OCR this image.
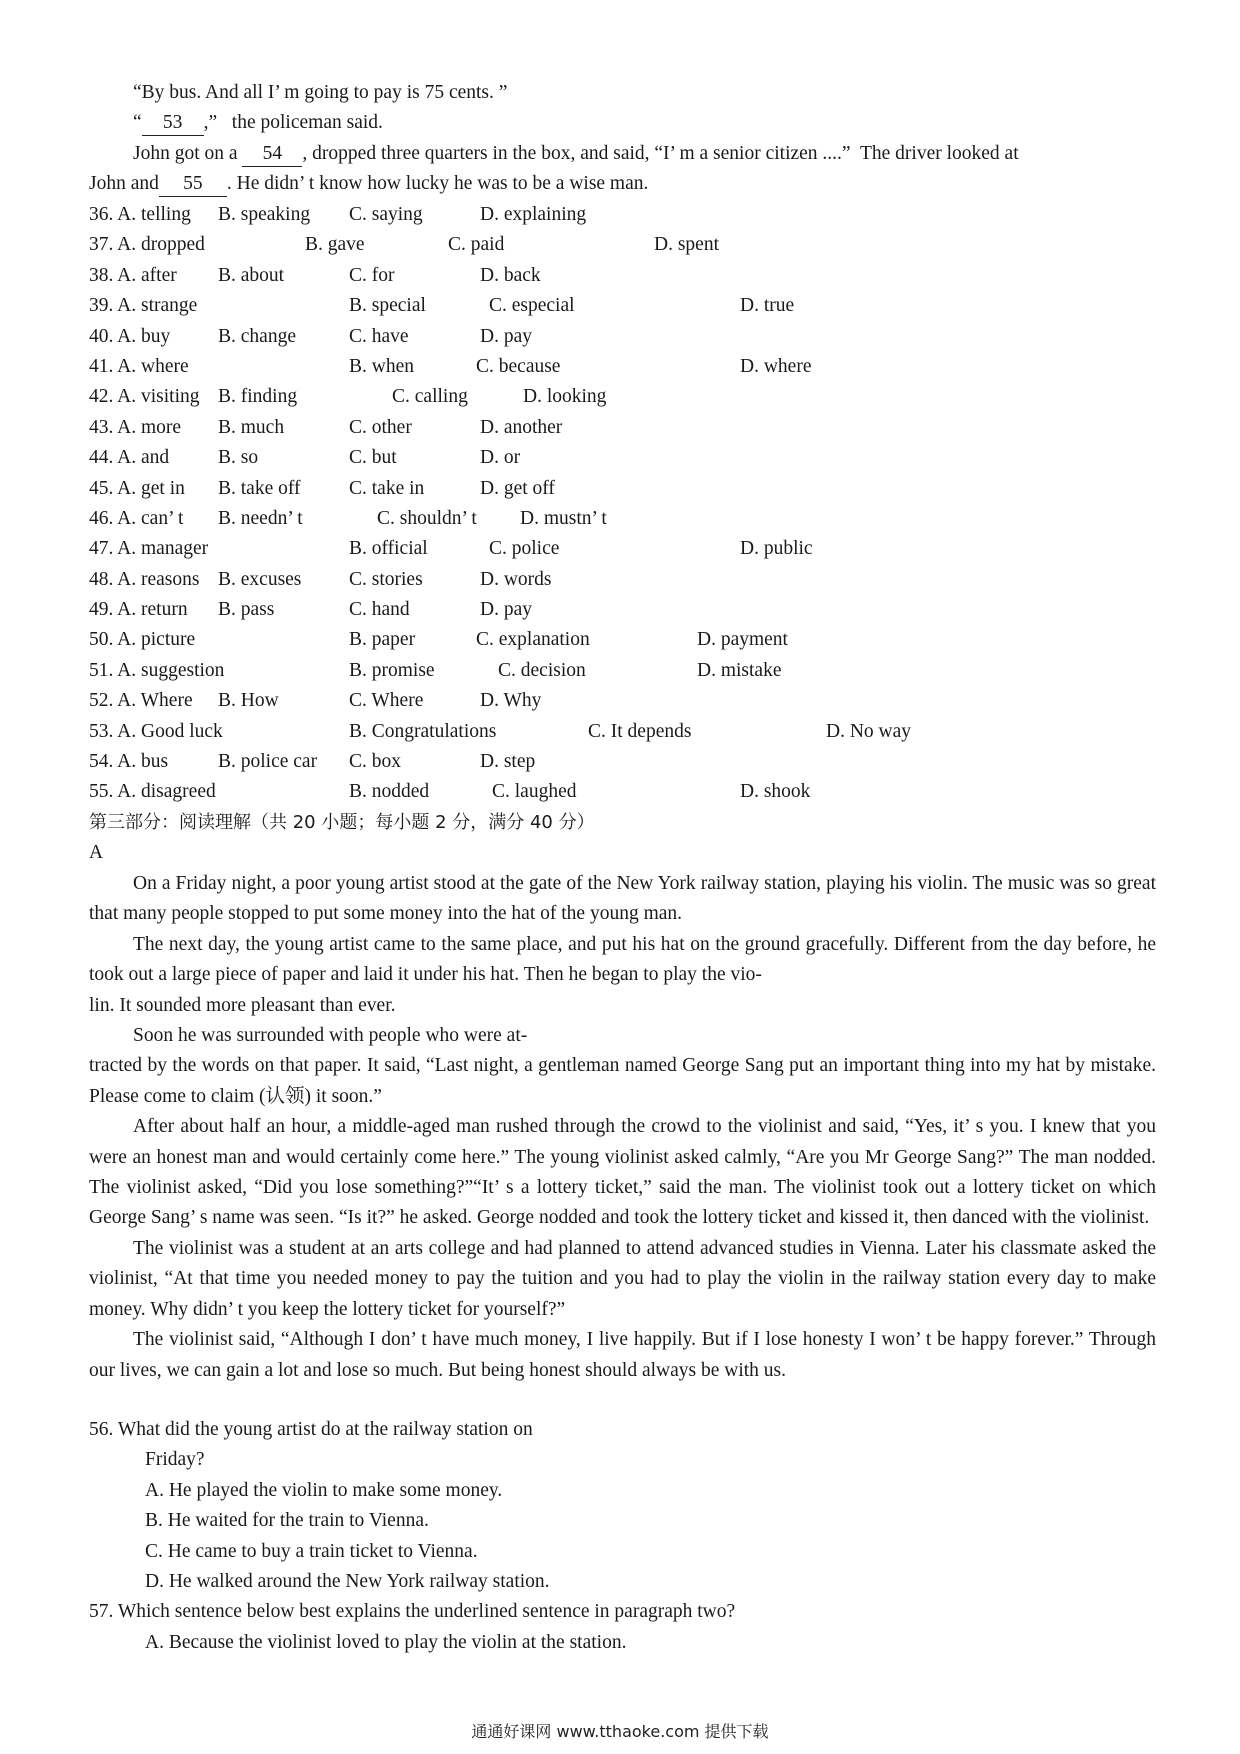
“By bus. And all I’ m going to pay is 75 cents. ”
“ 53 ,”   the policeman said.
John got on a 54 , dropped three quarters in the box, and said, “I’ m a senior citizen ....”  The driver looked at
John and 55 . He didn’ t know how lucky he was to be a wise man.
36. A. telling B. speaking C. saying	D. explaining
37. A. dropped	B. gave	C. paid	D. spent
38. A. after B. about	C. for	D. back
39. A. strange	B. special	C. especial	D. true
40. A. buy B. change	C. have	D. pay
41. A. where	B. when	C. because	D. where
42. A. visiting B. finding	C. calling	D. looking
43. A. more B. much	C. other	D. another
44. A. and	B. so	C. but	D. or
45. A. get in B. take off C. take in	D. get off
46. A. can’ t B. needn’ t	C. shouldn’ t D. mustn’ t
47. A. manager	B. official	C. police	D. public
48. A. reasons B. excuses C. stories	D. words
49. A. return B. pass	C. hand	D. pay
50. A. picture	B. paper	C. explanation	D. payment
51. A. suggestion	B. promise	C. decision	D. mistake
52. A. Where B. How	C. Where	D. Why
53. A. Good luck	B. Congratulations	C. It depends	D. No way
54. A. bus	B. police car C. box	D. step
55. A. disagreed	B. nodded	C. laughed	D. shook
第三部分：阅读理解（共 20 小题；每小题 2 分，满分 40 分）
A

On a Friday night, a poor young artist stood at the gate of the New York railway station, playing his violin. The music was so great that many people stopped to put some money into the hat of the young man.

The next day, the young artist came to the same place, and put his hat on the ground gracefully. Different from the day before, he took out a large piece of paper and laid it under his hat. Then he began to play the vio-

lin. It sounded more pleasant than ever.

Soon he was surrounded with people who were at-

tracted by the words on that paper. It said, “Last night, a gentleman named George Sang put an important thing into my hat by mistake. Please come to claim (认领) it soon.”

After about half an hour, a middle-aged man rushed through the crowd to the violinist and said, “Yes, it’ s you. I knew that you were an honest man and would certainly come here.” The young violinist asked calmly, “Are you Mr George Sang?” The man nodded. The violinist asked, “Did you lose something?”“It’ s a lottery ticket,” said the man. The violinist took out a lottery ticket on which George Sang’ s name was seen. “Is it?” he asked. George nodded and took the lottery ticket and kissed it, then danced with the violinist.

The violinist was a student at an arts college and had planned to attend advanced studies in Vienna. Later his classmate asked the violinist, “At that time you needed money to pay the tuition and you had to play the violin in the railway station every day to make money. Why didn’ t you keep the lottery ticket for yourself?”

The violinist said, “Although I don’ t have much money, I live happily. But if I lose honesty I won’ t be happy forever.” Through our lives, we can gain a lot and lose so much. But being honest should always be with us.

56. What did the young artist do at the railway station on
Friday?
A. He played the violin to make some money.
B. He waited for the train to Vienna.
C. He came to buy a train ticket to Vienna.
D. He walked around the New York railway station.
57. Which sentence below best explains the underlined sentence in paragraph two?
A. Because the violinist loved to play the violin at the station.
通通好课网 www.tthaoke.com 提供下载
